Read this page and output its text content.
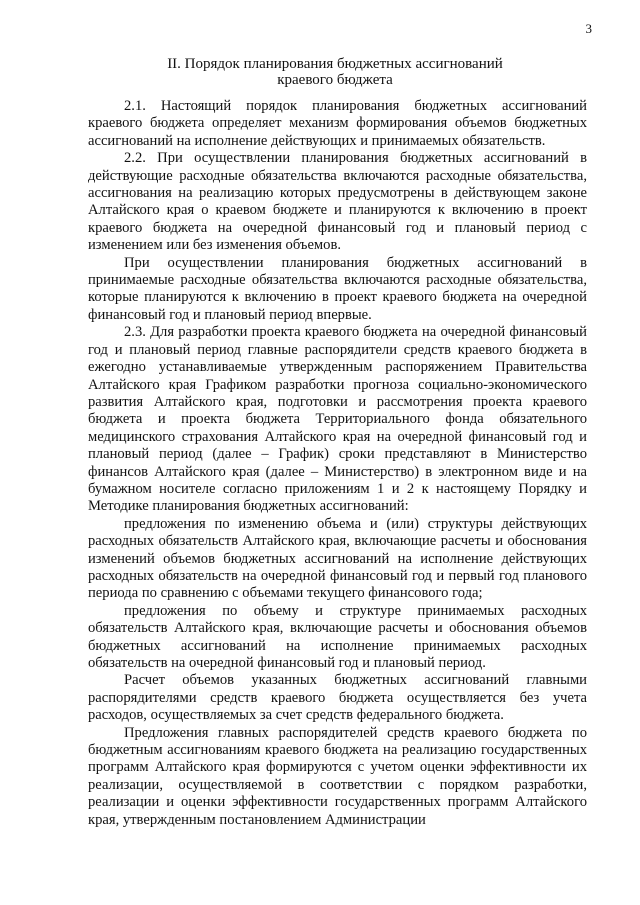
3
II. Порядок планирования бюджетных ассигнований
краевого бюджета

2.1. Настоящий порядок планирования бюджетных ассигнований краевого бюджета определяет механизм формирования объемов бюджетных ассигнований на исполнение действующих и принимаемых обязательств.

2.2. При осуществлении планирования бюджетных ассигнований в действующие расходные обязательства включаются расходные обязательства, ассигнования на реализацию которых предусмотрены в действующем законе Алтайского края о краевом бюджете и планируются к включению в проект краевого бюджета на очередной финансовый год и плановый период с изменением или без изменения объемов.

При осуществлении планирования бюджетных ассигнований в принимаемые расходные обязательства включаются расходные обязательства, которые планируются к включению в проект краевого бюджета на очередной финансовый год и плановый период впервые.

2.3. Для разработки проекта краевого бюджета на очередной финансовый год и плановый период главные распорядители средств краевого бюджета в ежегодно устанавливаемые утвержденным распоряжением Правительства Алтайского края Графиком разработки прогноза социально-экономического развития Алтайского края, подготовки и рассмотрения проекта краевого бюджета и проекта бюджета Территориального фонда обязательного медицинского страхования Алтайского края на очередной финансовый год и плановый период (далее – График) сроки представляют в Министерство финансов Алтайского края (далее – Министерство) в электронном виде и на бумажном носителе согласно приложениям 1 и 2 к настоящему Порядку и Методике планирования бюджетных ассигнований:

предложения по изменению объема и (или) структуры действующих расходных обязательств Алтайского края, включающие расчеты и обоснования изменений объемов бюджетных ассигнований на исполнение действующих расходных обязательств на очередной финансовый год и первый год планового периода по сравнению с объемами текущего финансового года;

предложения по объему и структуре принимаемых расходных обязательств Алтайского края, включающие расчеты и обоснования объемов бюджетных ассигнований на исполнение принимаемых расходных обязательств на очередной финансовый год и плановый период.

Расчет объемов указанных бюджетных ассигнований главными распорядителями средств краевого бюджета осуществляется без учета расходов, осуществляемых за счет средств федерального бюджета.

Предложения главных распорядителей средств краевого бюджета по бюджетным ассигнованиям краевого бюджета на реализацию государственных программ Алтайского края формируются с учетом оценки эффективности их реализации, осуществляемой в соответствии с порядком разработки, реализации и оценки эффективности государственных программ Алтайского края, утвержденным постановлением Администрации
